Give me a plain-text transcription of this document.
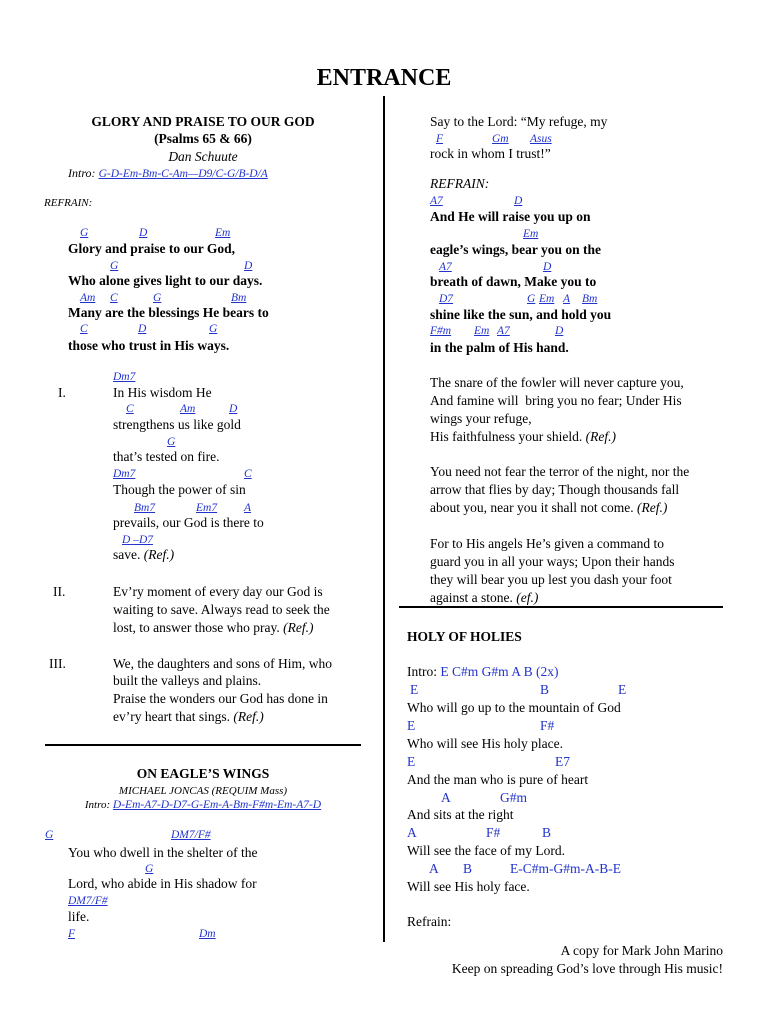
ENTRANCE
GLORY AND PRAISE TO OUR GOD
(Psalms 65 & 66)
Dan Schuute
Intro: G-D-Em-Bm-C-Am—D9/C-G/B-D/A
REFRAIN:
G	D	Em
Glory and praise to our God,
G	D
Who alone gives light to our days.
Am C	G	Bm
Many are the blessings He bears to
C	D	G
those who trust in His ways.
Dm7
I.	In His wisdom He
C	Am	D
strengthens us like gold
G
that’s tested on fire.
Dm7	C
Though the power of sin
Bm7	Em7 A
prevails, our God is there to
D –D7
save. (Ref.)
II.	Ev’ry moment of every day our God is
waiting to save. Always read to seek the
lost, to answer those who pray. (Ref.)
III.	We, the daughters and sons of Him, who
built the valleys and plains.
Praise the wonders our God has done in
ev’ry heart that sings. (Ref.)
ON EAGLE’S WINGS
MICHAEL JONCAS (REQUIM Mass)
Intro: D-Em-A7-D-D7-G-Em-A-Bm-F#m-Em-A7-D
G	DM7/F#
You who dwell in the shelter of the
G
Lord, who abide in His shadow for
DM7/F#
life.
F	Dm
Say to the Lord: “My refuge, my
F	Gm Asus
rock in whom I trust!”
REFRAIN:
A7	D
And He will raise you up on
Em
eagle’s wings, bear you on the
A7	D
breath of dawn, Make you to
D7	G Em A Bm
shine like the sun, and hold you
F#m Em A7	D
in the palm of His hand.
The snare of the fowler will never capture you,
And famine will  bring you no fear; Under His
wings your refuge,
His faithfulness your shield. (Ref.)
You need not fear the terror of the night, nor the
arrow that flies by day; Though thousands fall
about you, near you it shall not come. (Ref.)
For to His angels He’s given a command to
guard you in all your ways; Upon their hands
they will bear you up lest you dash your foot
against a stone. (ef.)
HOLY OF HOLIES
Intro: E C#m G#m A B (2x)
E	B	E
Who will go up to the mountain of God
E	F#
Who will see His holy place.
E	E7
And the man who is pure of heart
A	G#m
And sits at the right
A	F#	B
Will see the face of my Lord.
A B	E-C#m-G#m-A-B-E
Will see His holy face.
Refrain:
A copy for Mark John Marino
Keep on spreading God’s love through His music!
